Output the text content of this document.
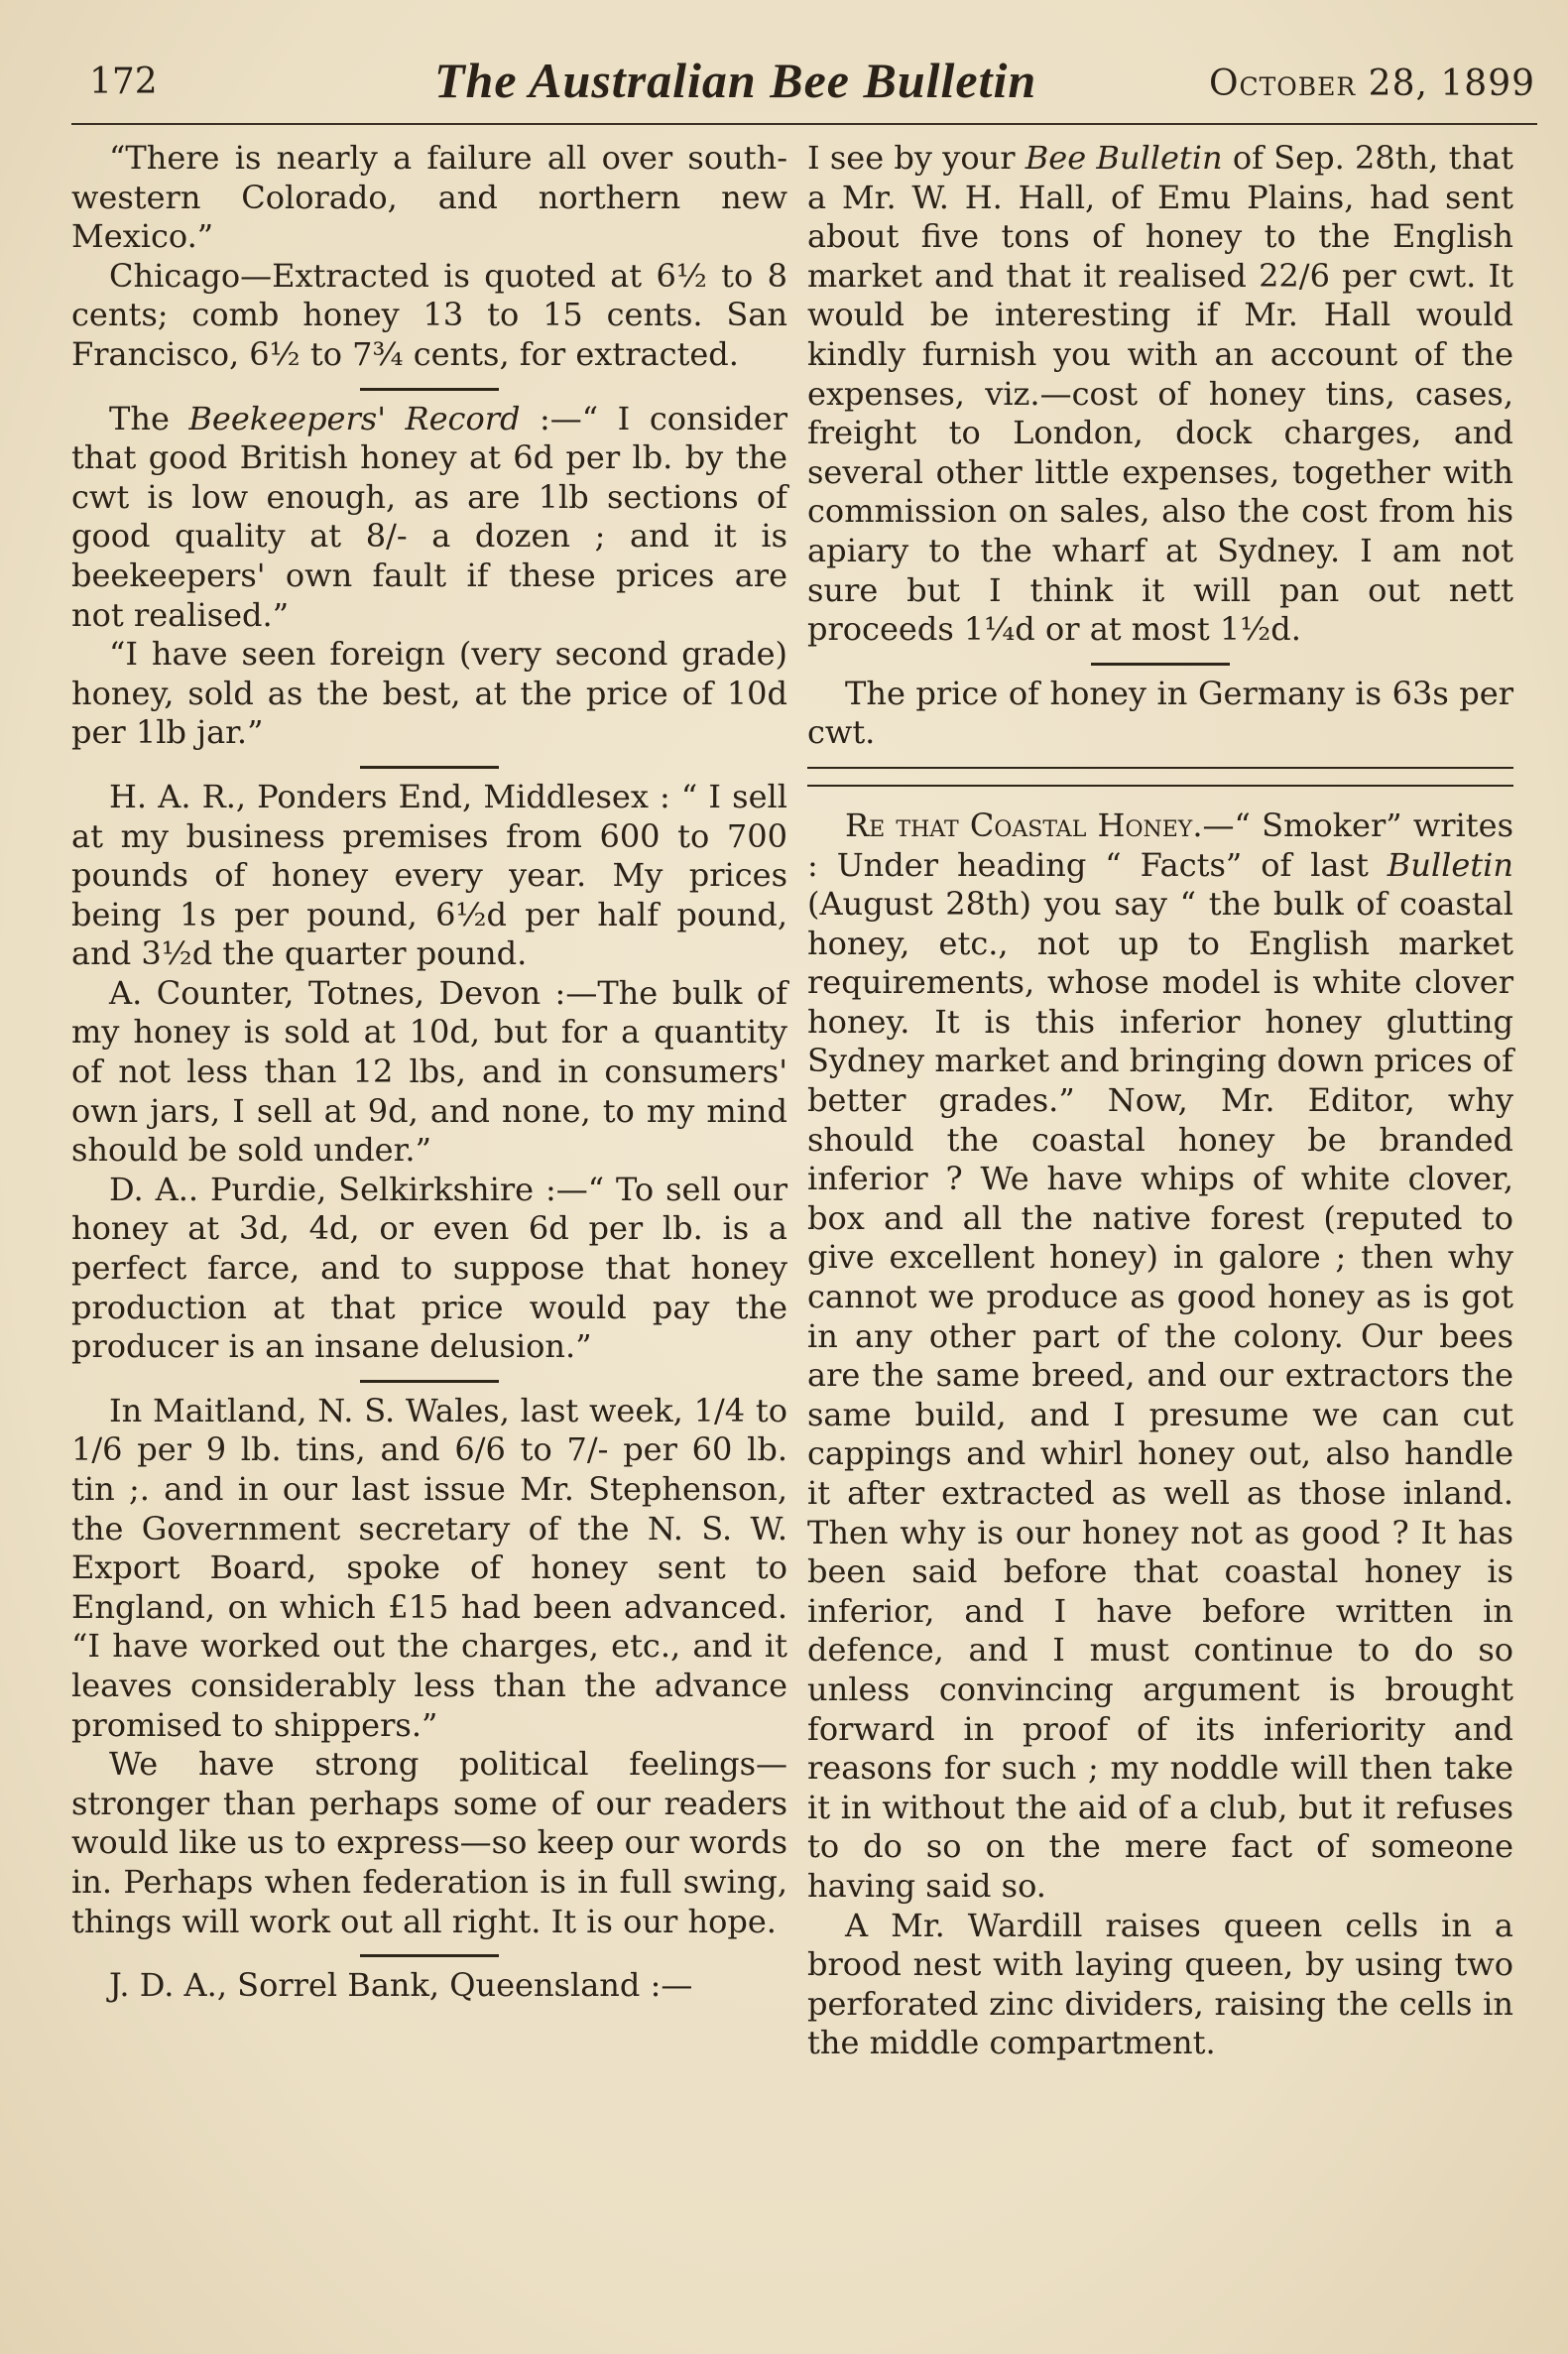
172	The Australian Bee Bulletin	October 28, 1899

“There is nearly a failure all over south-western Colorado, and northern new Mexico.”

Chicago—Extracted is quoted at 6½ to 8 cents; comb honey 13 to 15 cents. San Francisco, 6½ to 7¾ cents, for extracted.

The Beekeepers' Record :—“ I consider that good British honey at 6d per lb. by the cwt is low enough, as are 1lb sections of good quality at 8/- a dozen ; and it is beekeepers' own fault if these prices are not realised.”

“I have seen foreign (very second grade) honey, sold as the best, at the price of 10d per 1lb jar.”

H. A. R., Ponders End, Middlesex : “ I sell at my business premises from 600 to 700 pounds of honey every year. My prices being 1s per pound, 6½d per half pound, and 3½d the quarter pound.

A. Counter, Totnes, Devon :—The bulk of my honey is sold at 10d, but for a quantity of not less than 12 lbs, and in consumers' own jars, I sell at 9d, and none, to my mind should be sold under.”

D. A.. Purdie, Selkirkshire :—“ To sell our honey at 3d, 4d, or even 6d per lb. is a perfect farce, and to suppose that honey production at that price would pay the producer is an insane delusion.”

In Maitland, N. S. Wales, last week, 1/4 to 1/6 per 9 lb. tins, and 6/6 to 7/- per 60 lb. tin ;. and in our last issue Mr. Stephenson, the Government secretary of the N. S. W. Export Board, spoke of honey sent to England, on which £15 had been advanced. “I have worked out the charges, etc., and it leaves considerably less than the advance promised to shippers.”

We have strong political feelings—stronger than perhaps some of our readers would like us to express—so keep our words in. Perhaps when federation is in full swing, things will work out all right. It is our hope.

J. D. A., Sorrel Bank, Queensland :—

I see by your Bee Bulletin of Sep. 28th, that a Mr. W. H. Hall, of Emu Plains, had sent about five tons of honey to the English market and that it realised 22/6 per cwt. It would be interesting if Mr. Hall would kindly furnish you with an account of the expenses, viz.—cost of honey tins, cases, freight to London, dock charges, and several other little expenses, together with commission on sales, also the cost from his apiary to the wharf at Sydney. I am not sure but I think it will pan out nett proceeds 1¼d or at most 1½d.

The price of honey in Germany is 63s per cwt.

Re that Coastal Honey.—“ Smoker” writes : Under heading “ Facts” of last Bulletin (August 28th) you say “ the bulk of coastal honey, etc., not up to English market requirements, whose model is white clover honey. It is this inferior honey glutting Sydney market and bringing down prices of better grades.” Now, Mr. Editor, why should the coastal honey be branded inferior ? We have whips of white clover, box and all the native forest (reputed to give excellent honey) in galore ; then why cannot we produce as good honey as is got in any other part of the colony. Our bees are the same breed, and our extractors the same build, and I presume we can cut cappings and whirl honey out, also handle it after extracted as well as those inland. Then why is our honey not as good ? It has been said before that coastal honey is inferior, and I have before written in defence, and I must continue to do so unless convincing argument is brought forward in proof of its inferiority and reasons for such ; my noddle will then take it in without the aid of a club, but it refuses to do so on the mere fact of someone having said so.

A Mr. Wardill raises queen cells in a brood nest with laying queen, by using two perforated zinc dividers, raising the cells in the middle compartment.
